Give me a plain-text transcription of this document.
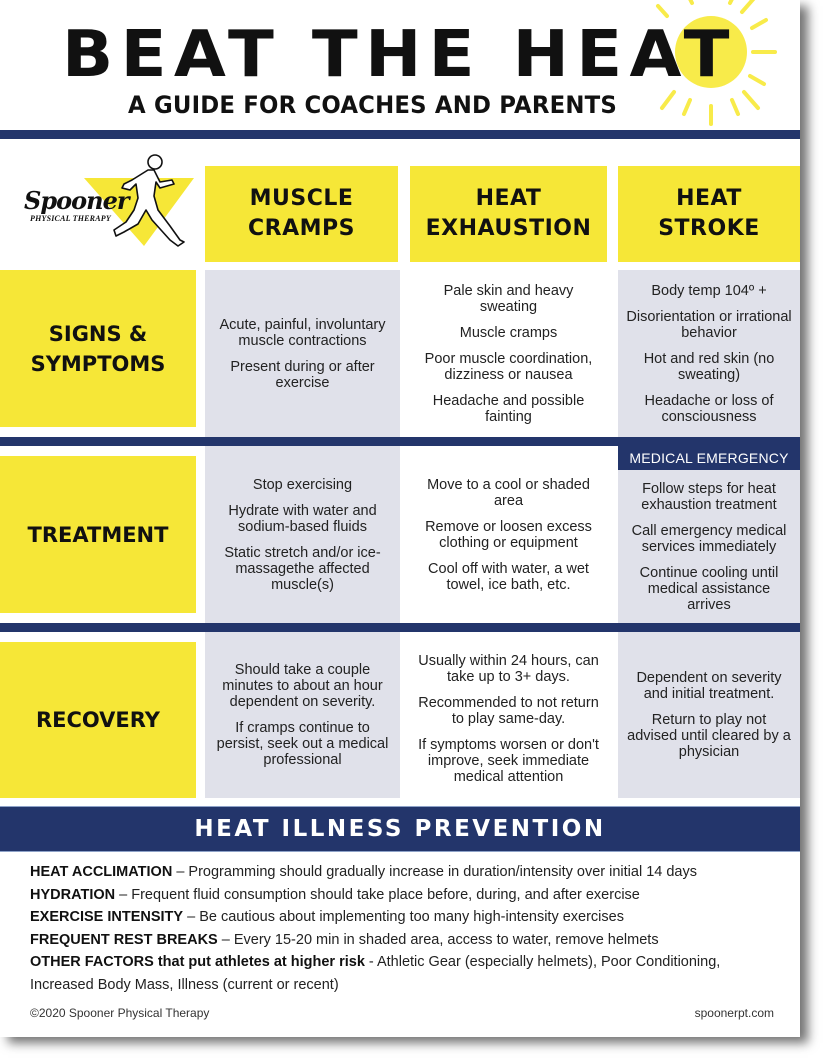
BEAT THE HEAT
A GUIDE FOR COACHES AND PARENTS
Spooner
PHYSICAL THERAPY
MUSCLE
CRAMPS
HEAT
EXHAUSTION
HEAT
STROKE
SIGNS &
SYMPTOMS

Acute, painful, involuntary muscle contractions

Present during or after exercise

Pale skin and heavy sweating

Muscle cramps

Poor muscle coordination, dizziness or nausea

Headache and possible fainting

Body temp 104º +

Disorientation or irrational behavior

Hot and red skin (no sweating)

Headache or loss of consciousness

TREATMENT

Stop exercising

Hydrate with water and sodium-based fluids

Static stretch and/or ice-massagethe affected muscle(s)

Move to a cool or shaded area

Remove or loosen excess clothing or equipment

Cool off with water, a wet towel, ice bath, etc.

Follow steps for heat exhaustion treatment

Call emergency medical services immediately

Continue cooling until medical assistance arrives

MEDICAL EMERGENCY
RECOVERY

Should take a couple minutes to about an hour dependent on severity.

If cramps continue to persist, seek out a medical professional

Usually within 24 hours, can take up to 3+ days.

Recommended to not return to play same-day.

If symptoms worsen or don't improve, seek immediate medical attention

Dependent on severity and initial treatment.

Return to play not advised until cleared by a physician

HEAT ILLNESS PREVENTION
HEAT ACCLIMATION – Programming should gradually increase in duration/intensity over initial 14 days
HYDRATION – Frequent fluid consumption should take place before, during, and after exercise
EXERCISE INTENSITY – Be cautious about implementing too many high-intensity exercises
FREQUENT REST BREAKS – Every 15-20 min in shaded area, access to water, remove helmets
OTHER FACTORS that put athletes at higher risk - Athletic Gear (especially helmets), Poor Conditioning,
Increased Body Mass, Illness (current or recent)
©2020 Spooner Physical Therapy	spoonerpt.com
